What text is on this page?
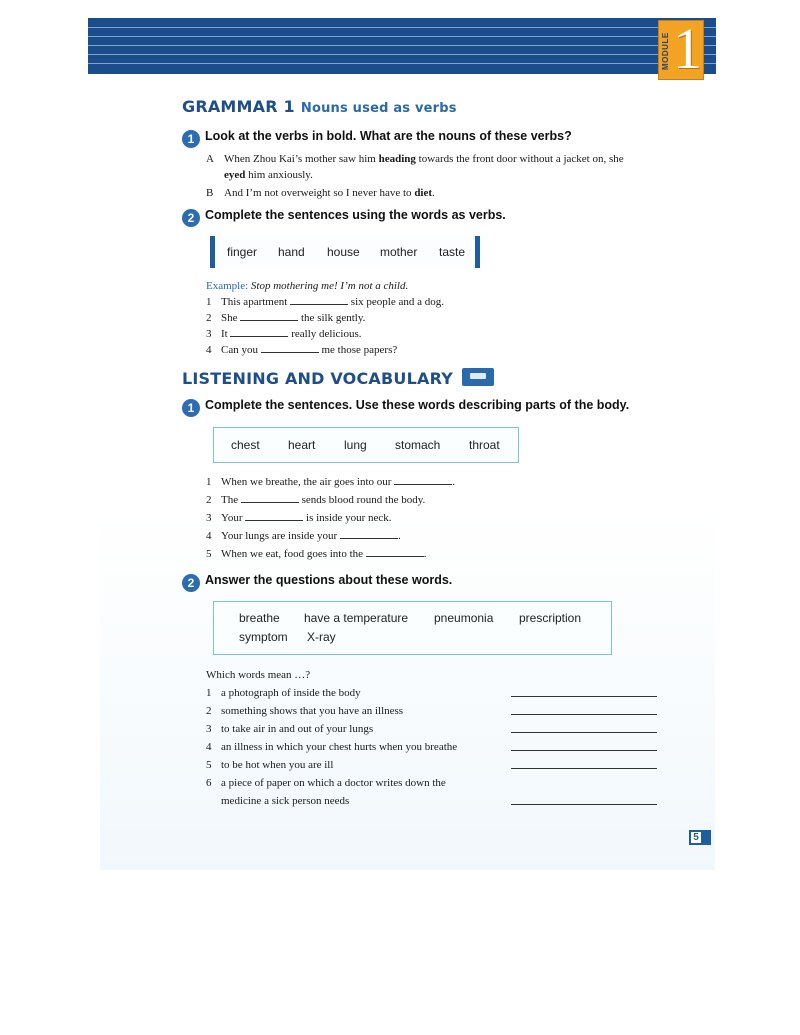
MODULE 1
GRAMMAR 1 Nouns used as verbs
1 Look at the verbs in bold. What are the nouns of these verbs?
A When Zhou Kai’s mother saw him heading towards the front door without a jacket on, she
eyed him anxiously.
B And I’m not overweight so I never have to diet.
2 Complete the sentences using the words as verbs.
finger hand house mother taste
Example: Stop mothering me! I’m not a child.
1 This apartment	six people and a dog.
2 She	the silk gently.
3 It	really delicious.
4 Can you	me those papers?
LISTENING AND VOCABULARY
1 Complete the sentences. Use these words describing parts of the body.
chest heart lung stomach throat
1 When we breathe, the air goes into our	.
2 The	sends blood round the body.
3 Your	is inside your neck.
4 Your lungs are inside your	.
5 When we eat, food goes into the	.
2 Answer the questions about these words.
breathe have a temperature pneumonia prescription
symptom X-ray
Which words mean …?
1 a photograph of inside the body
2 something shows that you have an illness
3 to take air in and out of your lungs
4 an illness in which your chest hurts when you breathe
5 to be hot when you are ill
6 a piece of paper on which a doctor writes down the
medicine a sick person needs
5
